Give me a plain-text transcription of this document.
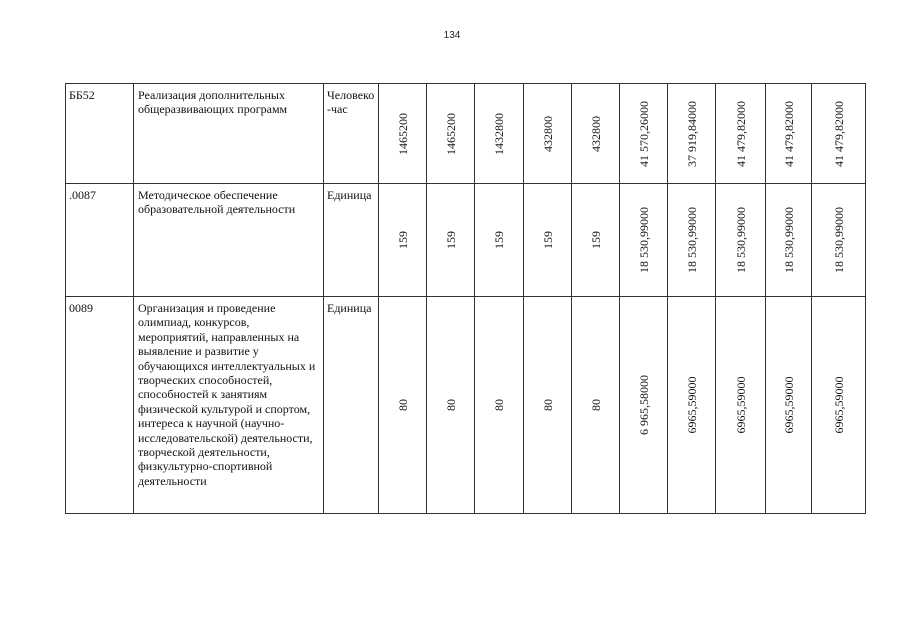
134
ББ52	Реализация дополнительных общеразвивающих программ	Человеко -час	1465200	1465200	1432800	432800	432800	41 570,26000	37 919,84000	41 479,82000	41 479,82000	41 479,82000

.0087	Методическое обеспечение образовательной деятельности	Единица	159	159	159	159	159	18 530,99000	18 530,99000	18 530,99000	18 530,99000	18 530,99000

0089	Организация и проведение олимпиад, конкурсов, мероприятий, направленных на выявление и развитие у обучающихся интеллектуальных и творческих способностей, способностей к занятиям физической культурой и спортом, интереса к научной (научно-исследовательской) деятельности, творческой деятельности, физкультурно-спортивной деятельности	Единица	80	80	80	80	80	6 965,58000	6965,59000	6965,59000	6965,59000	6965,59000
